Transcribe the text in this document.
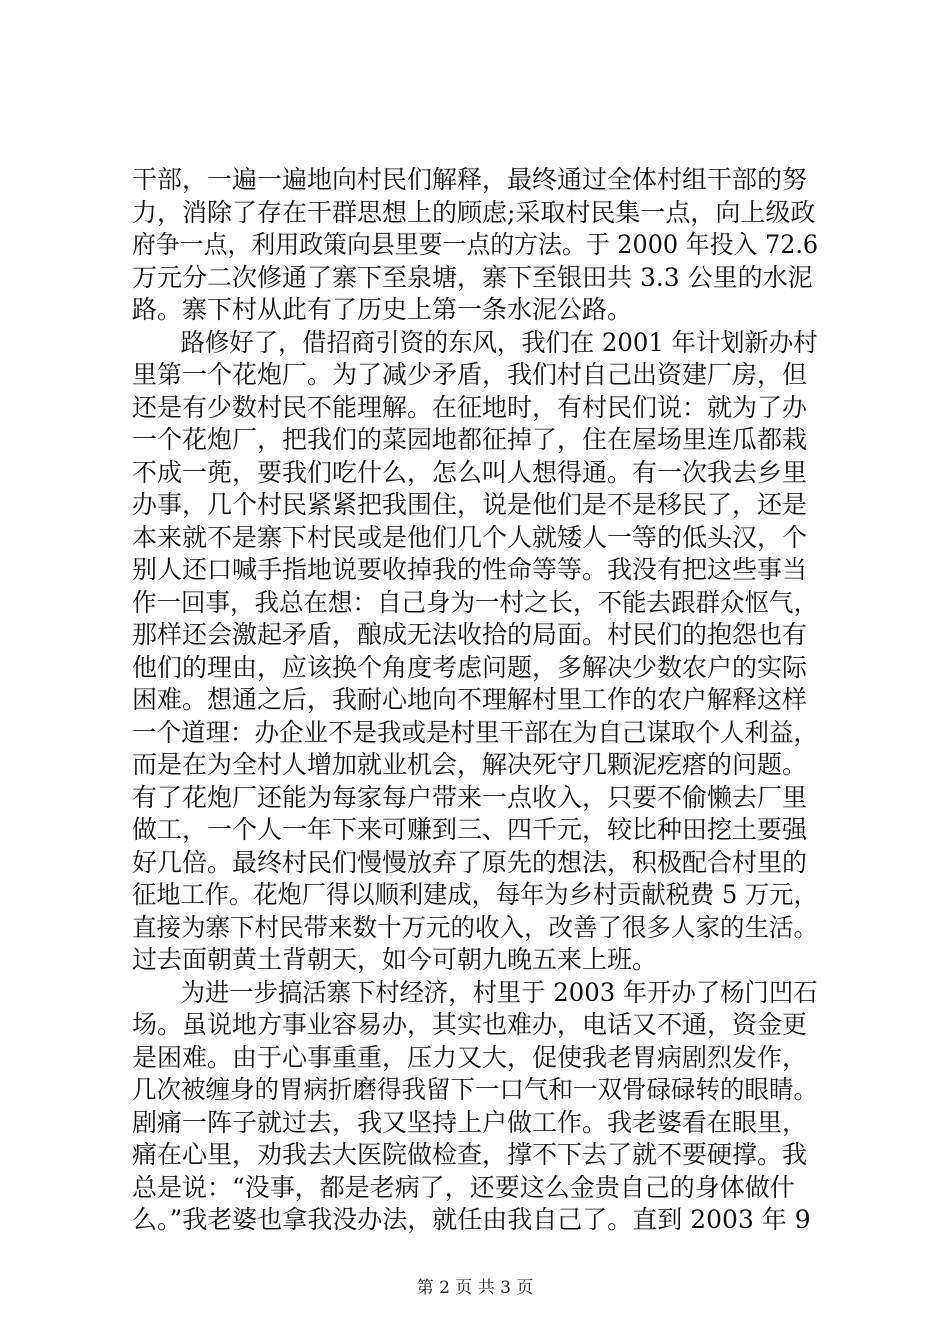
干部，一遍一遍地向村民们解释，最终通过全体村组干部的努
力，消除了存在干群思想上的顾虑;采取村民集一点，向上级政
府争一点，利用政策向县里要一点的方法。于 2000 年投入 72.6
万元分二次修通了寨下至泉塘，寨下至银田共 3.3 公里的水泥
路。寨下村从此有了历史上第一条水泥公路。
　　路修好了，借招商引资的东风，我们在 2001 年计划新办村
里第一个花炮厂。为了减少矛盾，我们村自己出资建厂房，但
还是有少数村民不能理解。在征地时，有村民们说：就为了办
一个花炮厂，把我们的菜园地都征掉了，住在屋场里连瓜都栽
不成一蔸，要我们吃什么，怎么叫人想得通。有一次我去乡里
办事，几个村民紧紧把我围住，说是他们是不是移民了，还是
本来就不是寨下村民或是他们几个人就矮人一等的低头汉，个
别人还口喊手指地说要收掉我的性命等等。我没有把这些事当
作一回事，我总在想：自己身为一村之长，不能去跟群众怄气，
那样还会激起矛盾，酿成无法收拾的局面。村民们的抱怨也有
他们的理由，应该换个角度考虑问题，多解决少数农户的实际
困难。想通之后，我耐心地向不理解村里工作的农户解释这样
一个道理：办企业不是我或是村里干部在为自己谋取个人利益，
而是在为全村人增加就业机会，解决死守几颗泥疙瘩的问题。
有了花炮厂还能为每家每户带来一点收入，只要不偷懒去厂里
做工，一个人一年下来可赚到三、四千元，较比种田挖土要强
好几倍。最终村民们慢慢放弃了原先的想法，积极配合村里的
征地工作。花炮厂得以顺利建成，每年为乡村贡献税费 5 万元，
直接为寨下村民带来数十万元的收入，改善了很多人家的生活。
过去面朝黄土背朝天，如今可朝九晚五来上班。
　　为进一步搞活寨下村经济，村里于 2003 年开办了杨门凹石
场。虽说地方事业容易办，其实也难办，电话又不通，资金更
是困难。由于心事重重，压力又大，促使我老胃病剧烈发作，
几次被缠身的胃病折磨得我留下一口气和一双骨碌碌转的眼睛。
剧痛一阵子就过去，我又坚持上户做工作。我老婆看在眼里，
痛在心里，劝我去大医院做检查，撑不下去了就不要硬撑。我
总是说：“没事，都是老病了，还要这么金贵自己的身体做什
么。”我老婆也拿我没办法，就任由我自己了。直到 2003 年 9
第 2 页 共 3 页
